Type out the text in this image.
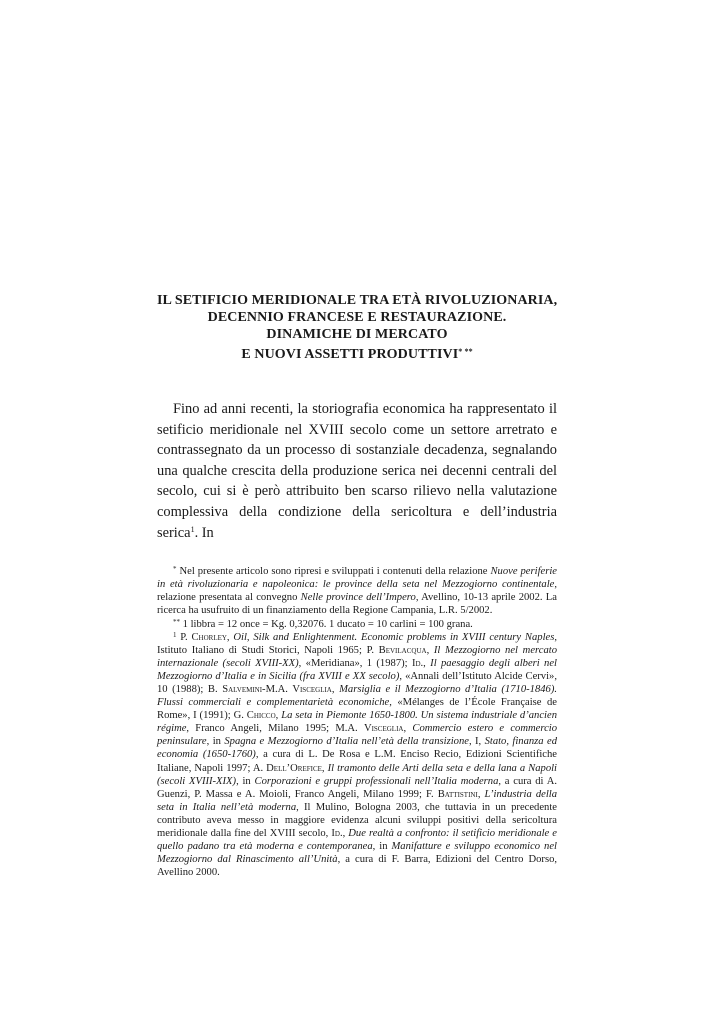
IL SETIFICIO MERIDIONALE TRA ETÀ RIVOLUZIONARIA,
DECENNIO FRANCESE E RESTAURAZIONE.
DINAMICHE DI MERCATO
E NUOVI ASSETTI PRODUTTIVI* **

Fino ad anni recenti, la storiografia economica ha rappresentato il setificio meridionale nel XVIII secolo come un settore arretrato e contrassegnato da un processo di sostanziale decadenza, segnalando una qualche crescita della produzione serica nei decenni centrali del secolo, cui si è però attribuito ben scarso rilievo nella valutazione complessiva della condizione della sericoltura e dell’industria serica$^1$. In

* Nel presente articolo sono ripresi e sviluppati i contenuti della relazione Nuove periferie in età rivoluzionaria e napoleonica: le province della seta nel Mezzogiorno continentale, relazione presentata al convegno Nelle province dell’Impero, Avellino, 10-13 aprile 2002. La ricerca ha usufruito di un finanziamento della Regione Campania, L.R. 5/2002.

** 1 libbra = 12 once = Kg. 0,32076. 1 ducato = 10 carlini = 100 grana.

$^1$ P. Chorley, Oil, Silk and Enlightenment. Economic problems in XVIII century Naples, Istituto Italiano di Studi Storici, Napoli 1965; P. Bevilacqua, Il Mezzogiorno nel mercato internazionale (secoli XVIII-XX), «Meridiana», 1 (1987); Id., Il paesaggio degli alberi nel Mezzogiorno d’Italia e in Sicilia (fra XVIII e XX secolo), «Annali dell’Istituto Alcide Cervi», 10 (1988); B. Salvemini-M.A. Visceglia, Marsiglia e il Mezzogiorno d’Italia (1710-1846). Flussi commerciali e complementarietà economiche, «Mélanges de l’École Française de Rome», I (1991); G. Chicco, La seta in Piemonte 1650-1800. Un sistema industriale d’ancien régime, Franco Angeli, Milano 1995; M.A. Visceglia, Commercio estero e commercio peninsulare, in Spagna e Mezzogiorno d’Italia nell’età della transizione, I, Stato, finanza ed economia (1650-1760), a cura di L. De Rosa e L.M. Enciso Recio, Edizioni Scientifiche Italiane, Napoli 1997; A. Dell’Orefice, Il tramonto delle Arti della seta e della lana a Napoli (secoli XVIII-XIX), in Corporazioni e gruppi professionali nell’Italia moderna, a cura di A. Guenzi, P. Massa e A. Moioli, Franco Angeli, Milano 1999; F. Battistini, L’industria della seta in Italia nell’età moderna, Il Mulino, Bologna 2003, che tuttavia in un precedente contributo aveva messo in maggiore evidenza alcuni sviluppi positivi della sericoltura meridionale dalla fine del XVIII secolo, Id., Due realtà a confronto: il setificio meridionale e quello padano tra età moderna e contemporanea, in Manifatture e sviluppo economico nel Mezzogiorno dal Rinascimento all’Unità, a cura di F. Barra, Edizioni del Centro Dorso, Avellino 2000.
